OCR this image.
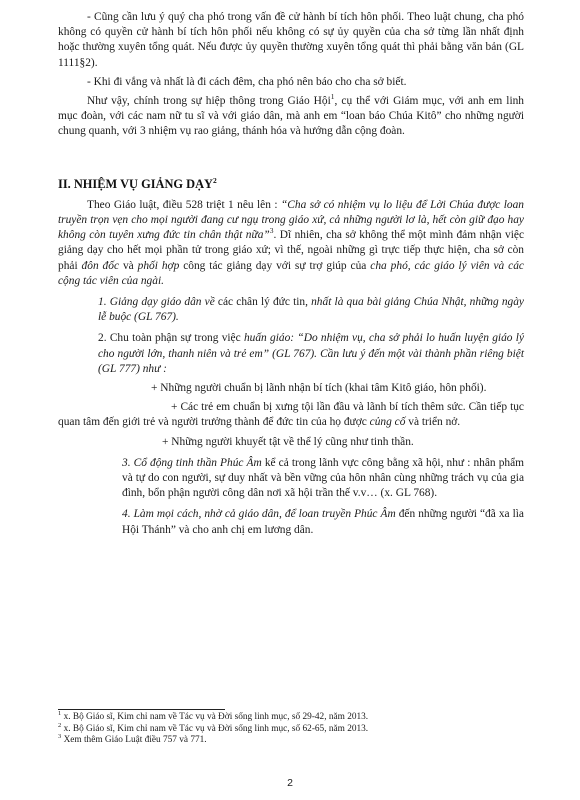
- Cũng cần lưu ý quý cha phó trong vấn đề cử hành bí tích hôn phối. Theo luật chung, cha phó không có quyền cử hành bí tích hôn phối nếu không có sự ủy quyền của cha sở từng lần nhất định hoặc thường xuyên tổng quát. Nếu được ủy quyền thường xuyên tổng quát thì phải bằng văn bản (GL 1111§2).

- Khi đi vắng và nhất là đi cách đêm, cha phó nên báo cho cha sở biết.

Như vậy, chính trong sự hiệp thông trong Giáo Hội$^1$, cụ thể với Giám mục, với anh em linh mục đoàn, với các nam nữ tu sĩ và với giáo dân, mà anh em “loan báo Chúa Kitô” cho những người chung quanh, với 3 nhiệm vụ rao giảng, thánh hóa và hướng dẫn cộng đoàn.

II. NHIỆM VỤ GIẢNG DẠY$^2$

Theo Giáo luật, điều 528 triệt 1 nêu lên : “Cha sở có nhiệm vụ lo liệu để Lời Chúa được loan truyền trọn vẹn cho mọi người đang cư ngụ trong giáo xứ, cả những người lơ là, hết còn giữ đạo hay không còn tuyên xưng đức tin chân thật nữa”$^3$. Dĩ nhiên, cha sở không thể một mình đảm nhận việc giảng dạy cho hết mọi phần tử trong giáo xứ; vì thế, ngoài những gì trực tiếp thực hiện, cha sở còn phải đôn đốc và phối hợp công tác giảng dạy với sự trợ giúp của cha phó, các giáo lý viên và các cộng tác viên của ngài.

1. Giảng dạy giáo dân về các chân lý đức tin, nhất là qua bài giảng Chúa Nhật, những ngày lễ buộc (GL 767).

2. Chu toàn phận sự trong việc huấn giáo: “Do nhiệm vụ, cha sở phải lo huấn luyện giáo lý cho người lớn, thanh niên và trẻ em” (GL 767). Cần lưu ý đến một vài thành phần riêng biệt (GL 777) như :

+ Những người chuẩn bị lãnh nhận bí tích (khai tâm Kitô giáo, hôn phối).

+ Các trẻ em chuẩn bị xưng tội lần đầu và lãnh bí tích thêm sức. Cần tiếp tục quan tâm đến giới trẻ và người trưởng thành để đức tin của họ được củng cố và triển nở.

+ Những người khuyết tật về thể lý cũng như tinh thần.

3. Cổ động tinh thần Phúc Âm kể cả trong lãnh vực công bằng xã hội, như : nhân phẩm và tự do con người, sự duy nhất và bền vững của hôn nhân cùng những trách vụ của gia đình, bổn phận người công dân nơi xã hội trần thế v.v… (x. GL 768).

4. Làm mọi cách, nhờ cả giáo dân, để loan truyền Phúc Âm đến những người “đã xa lìa Hội Thánh” và cho anh chị em lương dân.

$^1$ x. Bộ Giáo sĩ, Kim chỉ nam về Tác vụ và Đời sống linh mục, số 29-42, năm 2013.
$^2$ x. Bộ Giáo sĩ, Kim chỉ nam về Tác vụ và Đời sống linh mục, số 62-65, năm 2013.
$^3$ Xem thêm Giáo Luật điều 757 và 771.
2
